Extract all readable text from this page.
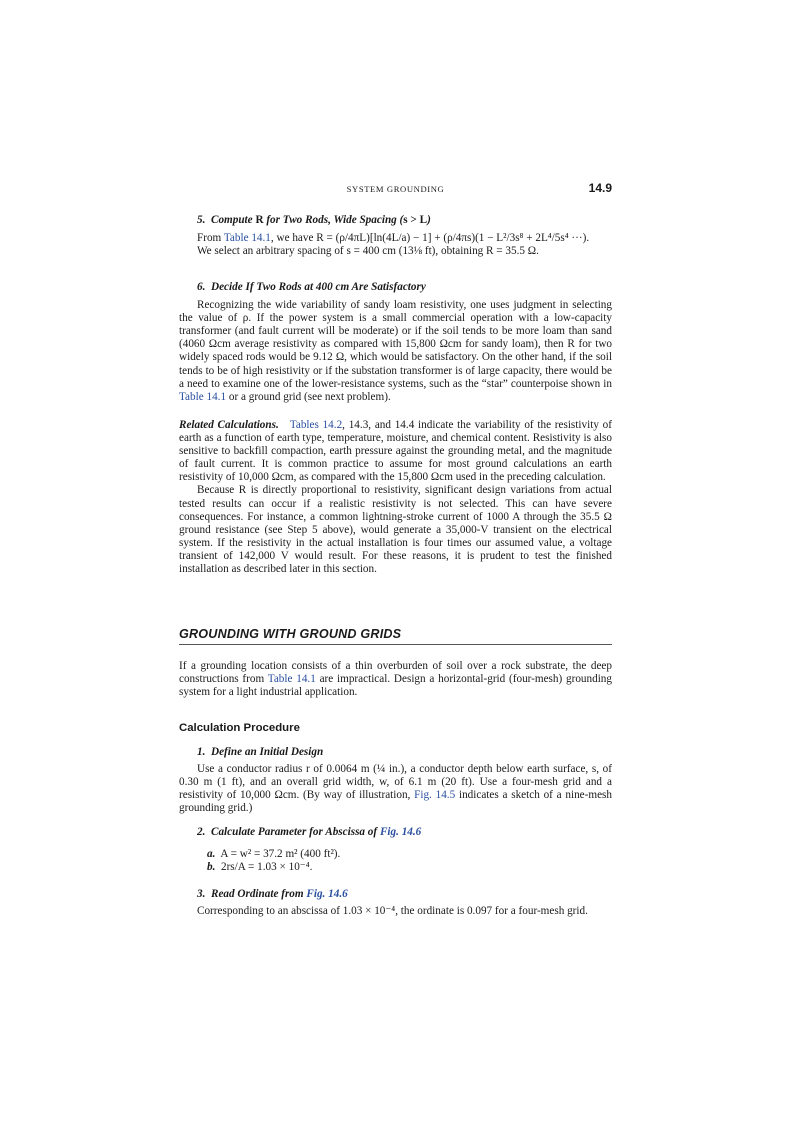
SYSTEM GROUNDING	14.9

5. Compute R for Two Rods, Wide Spacing (s > L)

From Table 14.1, we have R = (ρ/4πL)[ln(4L/a) − 1] + (ρ/4πs)(1 − L²/3s⁸ + 2L⁴/5s⁴ ···).

We select an arbitrary spacing of s = 400 cm (13⅛ ft), obtaining R = 35.5 Ω.

6. Decide If Two Rods at 400 cm Are Satisfactory

Recognizing the wide variability of sandy loam resistivity, one uses judgment in selecting the value of ρ. If the power system is a small commercial operation with a low-capacity transformer (and fault current will be moderate) or if the soil tends to be more loam than sand (4060 Ωcm average resistivity as compared with 15,800 Ωcm for sandy loam), then R for two widely spaced rods would be 9.12 Ω, which would be satisfactory. On the other hand, if the soil tends to be of high resistivity or if the substation transformer is of large capacity, there would be a need to examine one of the lower-resistance systems, such as the “star” counterpoise shown in Table 14.1 or a ground grid (see next problem).

Related Calculations. Tables 14.2, 14.3, and 14.4 indicate the variability of the resistivity of earth as a function of earth type, temperature, moisture, and chemical content. Resistivity is also sensitive to backfill compaction, earth pressure against the grounding metal, and the magnitude of fault current. It is common practice to assume for most ground calculations an earth resistivity of 10,000 Ωcm, as compared with the 15,800 Ωcm used in the preceding calculation.

Because R is directly proportional to resistivity, significant design variations from actual tested results can occur if a realistic resistivity is not selected. This can have severe consequences. For instance, a common lightning-stroke current of 1000 A through the 35.5 Ω ground resistance (see Step 5 above), would generate a 35,000-V transient on the electrical system. If the resistivity in the actual installation is four times our assumed value, a voltage transient of 142,000 V would result. For these reasons, it is prudent to test the finished installation as described later in this section.

GROUNDING WITH GROUND GRIDS

If a grounding location consists of a thin overburden of soil over a rock substrate, the deep constructions from Table 14.1 are impractical. Design a horizontal-grid (four-mesh) grounding system for a light industrial application.

Calculation Procedure

1. Define an Initial Design

Use a conductor radius r of 0.0064 m (¼ in.), a conductor depth below earth surface, s, of 0.30 m (1 ft), and an overall grid width, w, of 6.1 m (20 ft). Use a four-mesh grid and a resistivity of 10,000 Ωcm. (By way of illustration, Fig. 14.5 indicates a sketch of a nine-mesh grounding grid.)

2. Calculate Parameter for Abscissa of Fig. 14.6

a. A = w² = 37.2 m² (400 ft²).

b. 2rs/A = 1.03 × 10⁻⁴.

3. Read Ordinate from Fig. 14.6

Corresponding to an abscissa of 1.03 × 10⁻⁴, the ordinate is 0.097 for a four-mesh grid.
